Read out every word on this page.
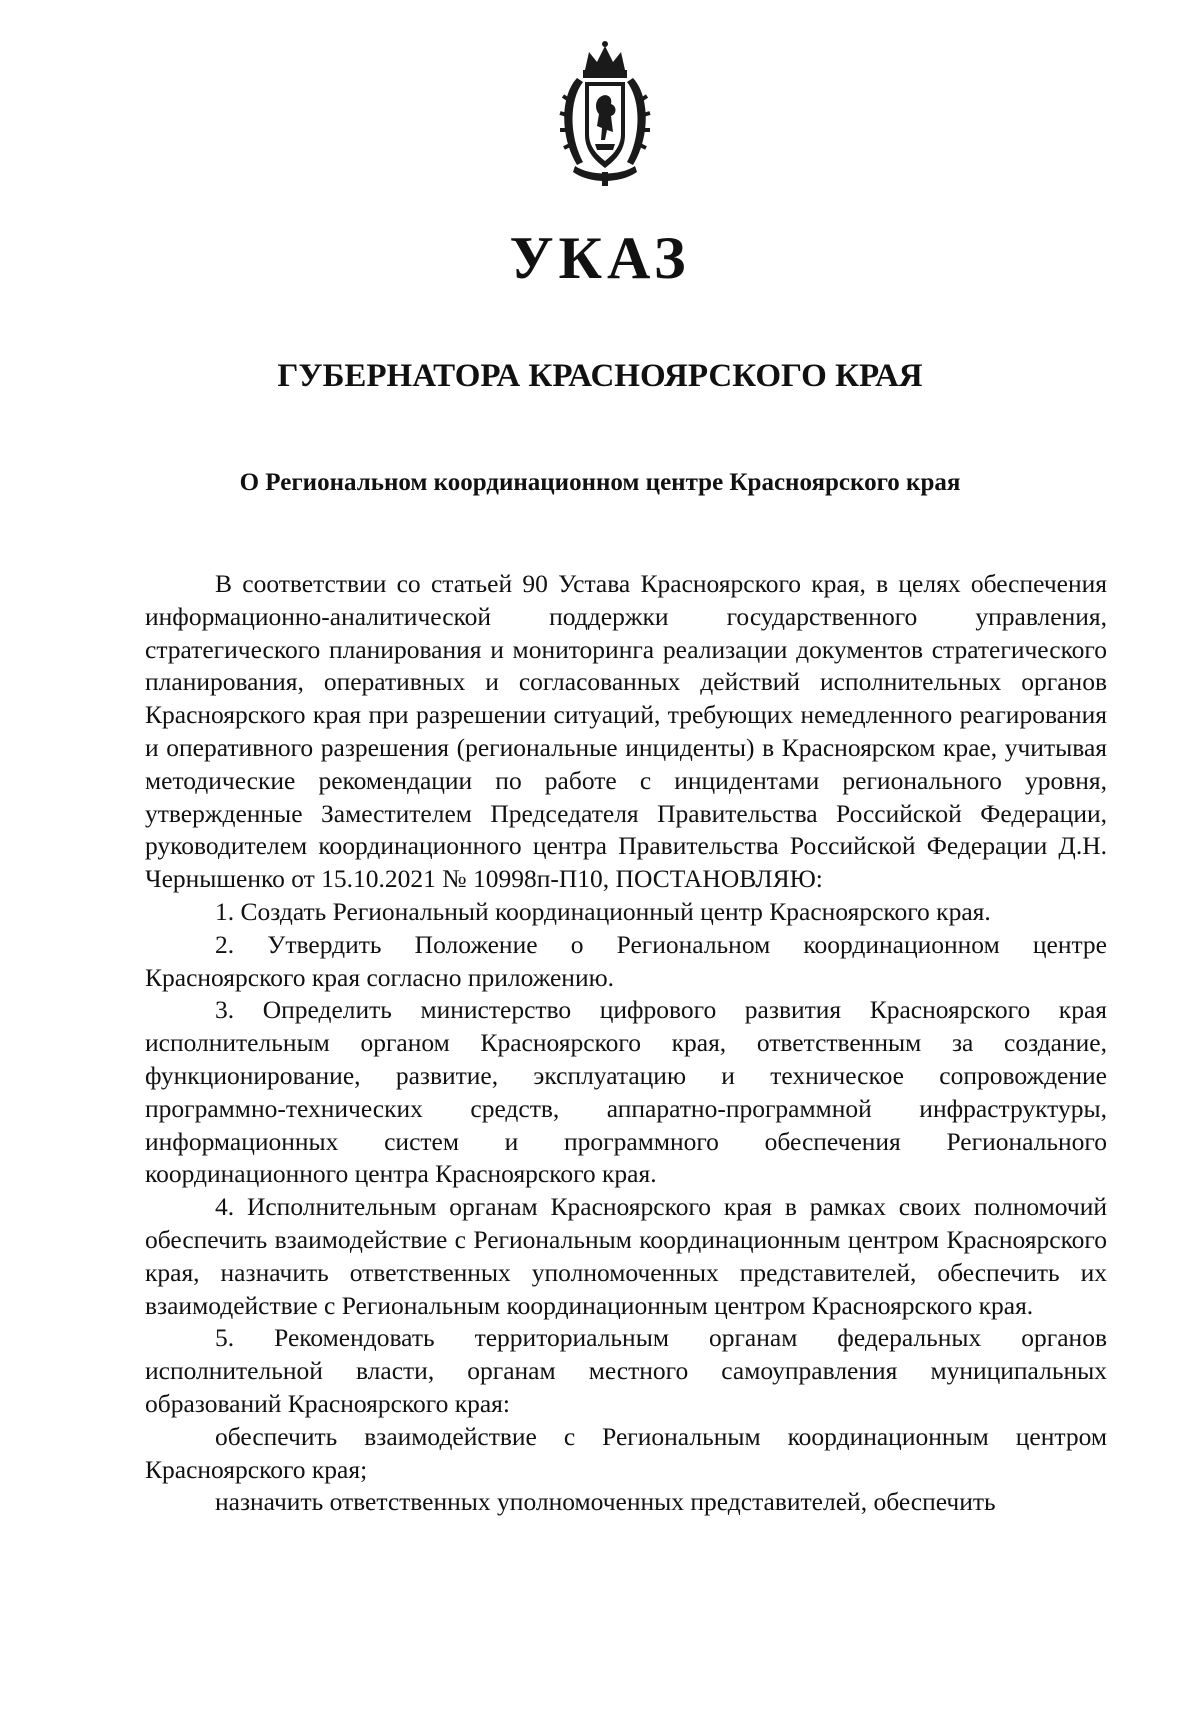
УКАЗ
ГУБЕРНАТОРА КРАСНОЯРСКОГО КРАЯ
О Региональном координационном центре Красноярского края

В соответствии со статьей 90 Устава Красноярского края, в целях обеспечения информационно-аналитической поддержки государственного управления, стратегического планирования и мониторинга реализации документов стратегического планирования, оперативных и согласованных действий исполнительных органов Красноярского края при разрешении ситуаций, требующих немедленного реагирования и оперативного разрешения (региональные инциденты) в Красноярском крае, учитывая методические рекомендации по работе с инцидентами регионального уровня, утвержденные Заместителем Председателя Правительства Российской Федерации, руководителем координационного центра Правительства Российской Федерации Д.Н. Чернышенко от 15.10.2021 № 10998п-П10, ПОСТАНОВЛЯЮ:

1. Создать Региональный координационный центр Красноярского края.

2. Утвердить Положение о Региональном координационном центре Красноярского края согласно приложению.

3. Определить министерство цифрового развития Красноярского края исполнительным органом Красноярского края, ответственным за создание, функционирование, развитие, эксплуатацию и техническое сопровождение программно-технических средств, аппаратно-программной инфраструктуры, информационных систем и программного обеспечения Регионального координационного центра Красноярского края.

4. Исполнительным органам Красноярского края в рамках своих полномочий обеспечить взаимодействие с Региональным координационным центром Красноярского края, назначить ответственных уполномоченных представителей, обеспечить их взаимодействие с Региональным координационным центром Красноярского края.

5. Рекомендовать территориальным органам федеральных органов исполнительной власти, органам местного самоуправления муниципальных образований Красноярского края:

обеспечить взаимодействие с Региональным координационным центром Красноярского края;

назначить ответственных уполномоченных представителей, обеспечить
